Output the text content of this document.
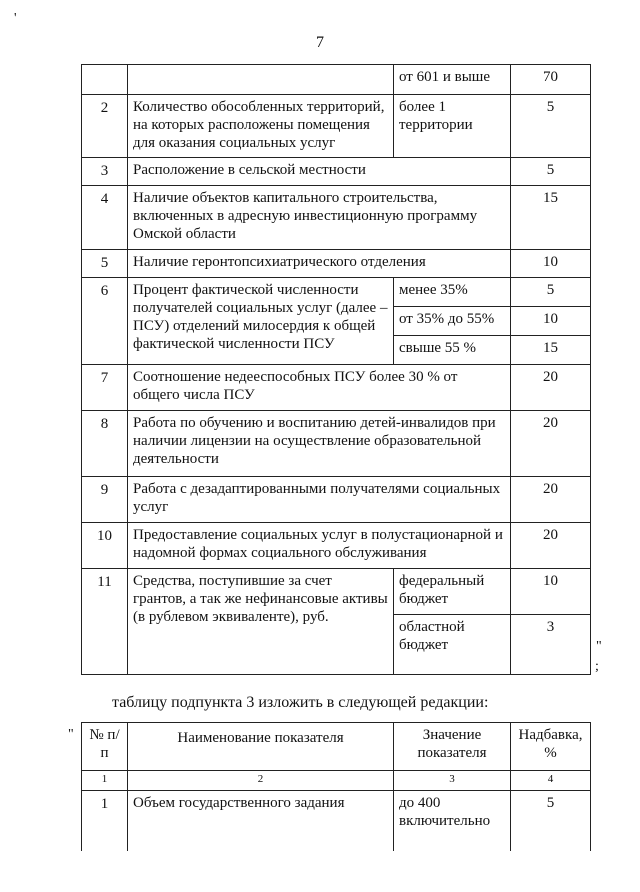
7
'
"
;
"
		от 601 и выше	70
2	Количество обособленных территорий, на которых расположены помещения для оказания социальных услуг	более 1 территории	5
3	Расположение в сельской местности		5
4	Наличие объектов капитального строительства, включенных в адресную инвестиционную программу Омской области		15
5	Наличие геронтопсихиатрического отделения		10
6	Процент фактической численности получателей социальных услуг (далее – ПСУ) отделений милосердия к общей фактической численности ПСУ	менее 35%	5
		от 35% до 55%	10
		свыше 55 %	15
7	Соотношение недееспособных ПСУ более 30 % от общего числа ПСУ		20
8	Работа по обучению и воспитанию детей-инвалидов при наличии лицензии на осуществление образовательной деятельности		20
9	Работа с дезадаптированными получателями социальных услуг		20
10	Предоставление социальных услуг в полустационарной и надомной формах социального обслуживания		20
11	Средства, поступившие за счет грантов, а так же нефинансовые активы (в рублевом эквиваленте), руб.	федеральный бюджет	10
		областной бюджет	3
таблицу подпункта 3 изложить в следующей редакции:
№ п/п	Наименование показателя	Значение показателя	Надбавка, %
1	2	3	4
1	Объем государственного задания	до 400 включительно	5
